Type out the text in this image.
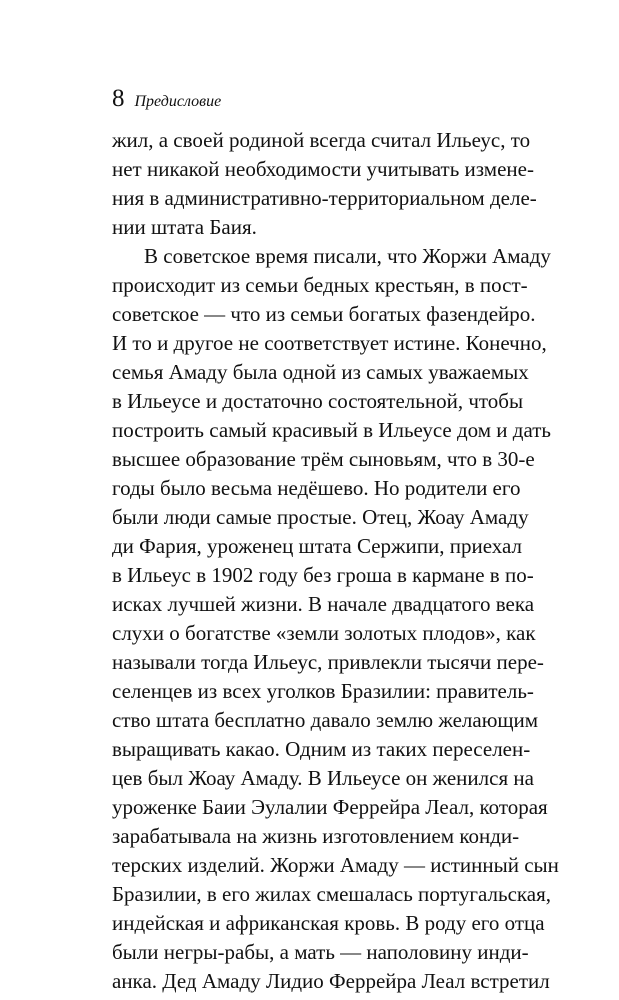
8 Предисловие
жил, а своей родиной всегда считал Ильеус, то
нет никакой необходимости учитывать измене-
ния в административно-территориальном деле-
нии штата Баия.
В советское время писали, что Жоржи Амаду
происходит из семьи бедных крестьян, в пост-
советское — что из семьи богатых фазендейро.
И то и другое не соответствует истине. Конечно,
семья Амаду была одной из самых уважаемых
в Ильеусе и достаточно состоятельной, чтобы
построить самый красивый в Ильеусе дом и дать
высшее образование трём сыновьям, что в 30-е
годы было весьма недёшево. Но родители его
были люди самые простые. Отец, Жоау Амаду
ди Фария, уроженец штата Сержипи, приехал
в Ильеус в 1902 году без гроша в кармане в по-
исках лучшей жизни. В начале двадцатого века
слухи о богатстве «земли золотых плодов», как
называли тогда Ильеус, привлекли тысячи пере-
селенцев из всех уголков Бразилии: правитель-
ство штата бесплатно давало землю желающим
выращивать какао. Одним из таких переселен-
цев был Жоау Амаду. В Ильеусе он женился на
уроженке Баии Эулалии Феррейра Леал, которая
зарабатывала на жизнь изготовлением конди-
терских изделий. Жоржи Амаду — истинный сын
Бразилии, в его жилах смешалась португальская,
индейская и африканская кровь. В роду его отца
были негры-рабы, а мать — наполовину инди-
анка. Дед Амаду Лидио Феррейра Леал встретил
